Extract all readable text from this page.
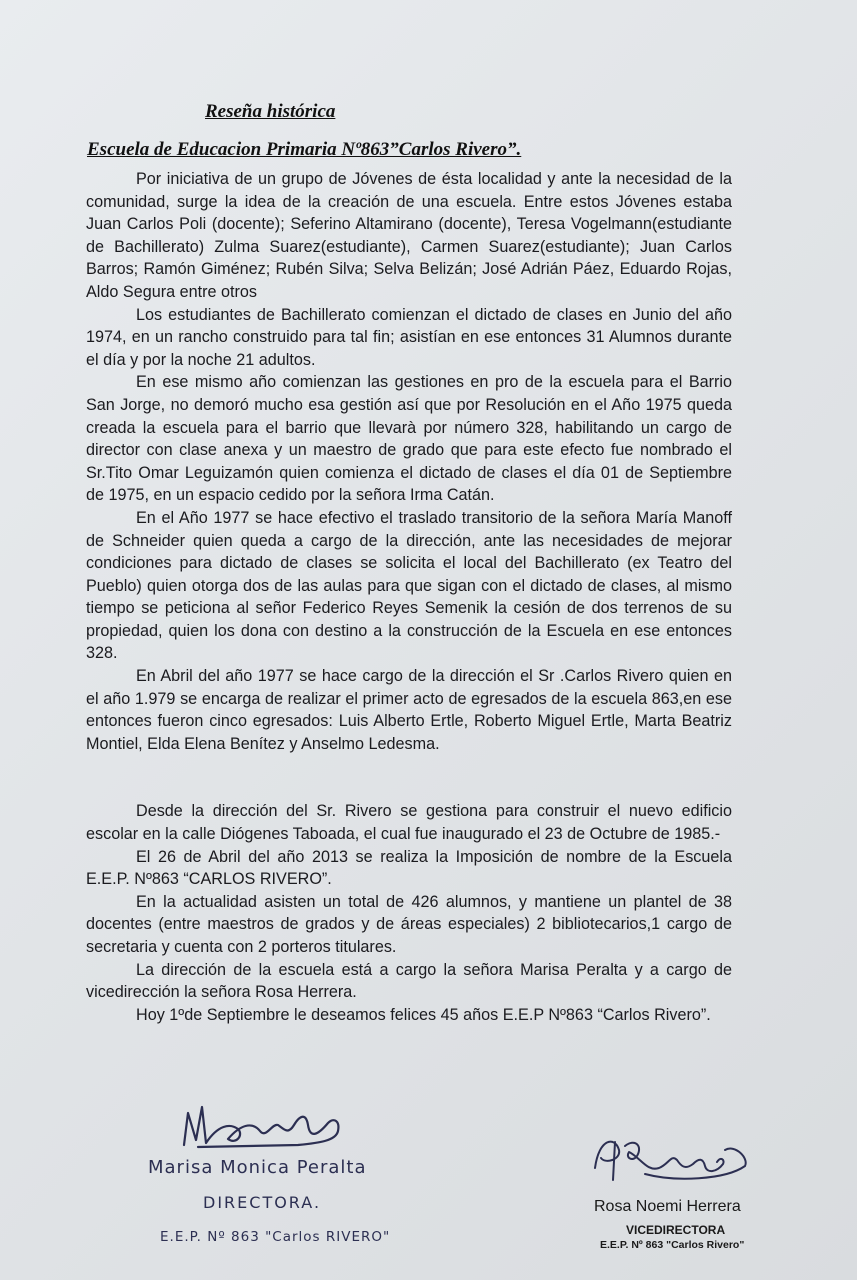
Reseña histórica
Escuela de Educacion Primaria Nº863”Carlos Rivero”.

Por iniciativa de un grupo de Jóvenes de ésta localidad y ante la necesidad de la comunidad, surge la idea de la creación de una escuela. Entre estos Jóvenes estaba Juan Carlos Poli (docente); Seferino Altamirano (docente), Teresa Vogelmann(estudiante de Bachillerato) Zulma Suarez(estudiante), Carmen Suarez(estudiante); Juan Carlos Barros; Ramón Giménez; Rubén Silva; Selva Belizán; José Adrián Páez, Eduardo Rojas, Aldo Segura entre otros

Los estudiantes de Bachillerato comienzan el dictado de clases en Junio del año 1974, en un rancho construido para tal fin; asistían en ese entonces 31 Alumnos durante el día y por la noche 21 adultos.

En ese mismo año comienzan las gestiones en pro de la escuela para el Barrio San Jorge, no demoró mucho esa gestión así que por Resolución en el Año 1975 queda creada la escuela para el barrio que llevarà por número 328, habilitando un cargo de director con clase anexa y un maestro de grado que para este efecto fue nombrado el Sr.Tito Omar Leguizamón quien comienza el dictado de clases el día 01 de Septiembre de 1975, en un espacio cedido por la señora Irma Catán.

En el Año 1977 se hace efectivo el traslado transitorio de la señora María Manoff de Schneider quien queda a cargo de la dirección, ante las necesidades de mejorar condiciones para dictado de clases se solicita el local del Bachillerato (ex Teatro del Pueblo) quien otorga dos de las aulas para que sigan con el dictado de clases, al mismo tiempo se peticiona al señor Federico Reyes Semenik la cesión de dos terrenos de su propiedad, quien los dona con destino a la construcción de la Escuela en ese entonces 328.

En Abril del año 1977 se hace cargo de la dirección el Sr .Carlos Rivero quien en el año 1.979 se encarga de realizar el primer acto de egresados de la escuela 863,en ese entonces fueron cinco egresados: Luis Alberto Ertle, Roberto Miguel Ertle, Marta Beatriz Montiel, Elda Elena Benítez y Anselmo Ledesma.

Desde la dirección del Sr. Rivero se gestiona para construir el nuevo edificio escolar en la calle Diógenes Taboada, el cual fue inaugurado el 23 de Octubre de 1985.-

El 26 de Abril del año 2013 se realiza la Imposición de nombre de la Escuela E.E.P. Nº863 “CARLOS RIVERO”.

En la actualidad asisten un total de 426 alumnos, y mantiene un plantel de 38 docentes (entre maestros de grados y de áreas especiales) 2 bibliotecarios,1 cargo de secretaria y cuenta con 2 porteros titulares.

La dirección de la escuela está a cargo la señora Marisa Peralta y a cargo de vicedirección la señora Rosa Herrera.

Hoy 1ºde Septiembre le deseamos felices 45 años E.E.P Nº863 “Carlos Rivero”.

Marisa Monica Peralta
DIRECTORA.
E.E.P. Nº 863 "Carlos RIVERO"
Rosa Noemi Herrera
VICEDIRECTORA
E.E.P. Nº 863 "Carlos Rivero"
